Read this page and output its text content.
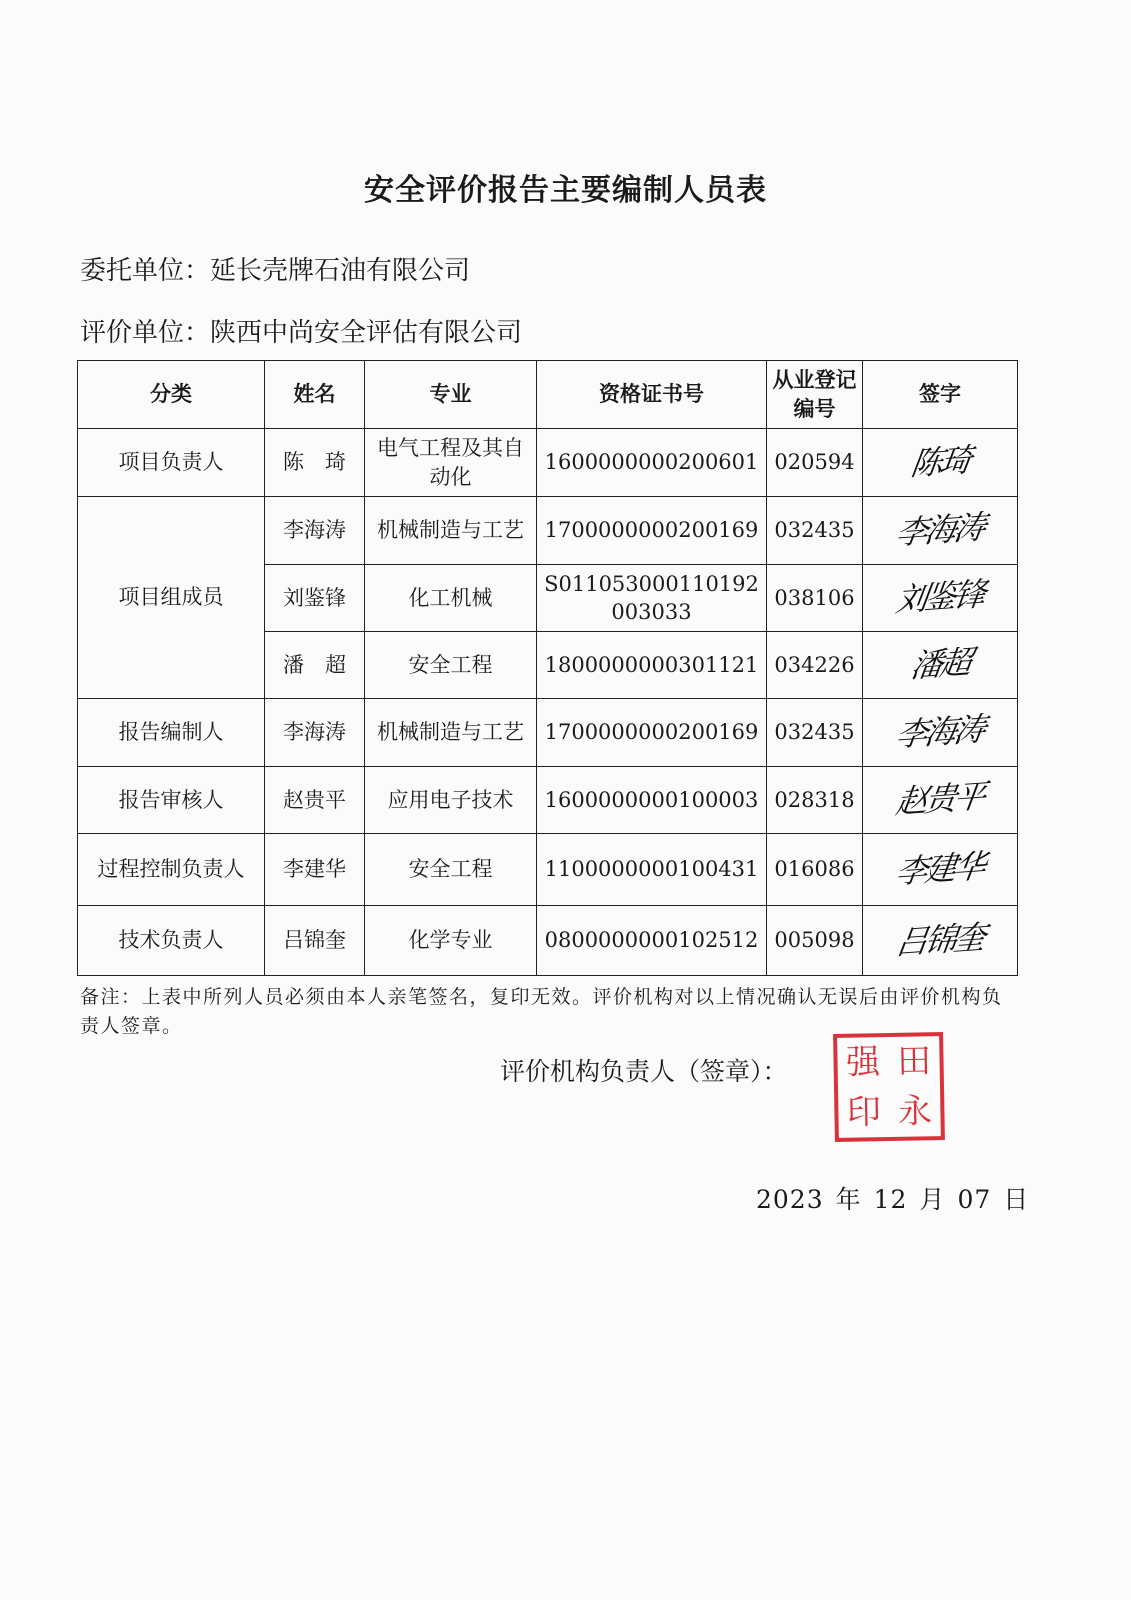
安全评价报告主要编制人员表
委托单位：延长壳牌石油有限公司
评价单位：陕西中尚安全评估有限公司
分类	姓名	专业	资格证书号	从业登记编号	签字
项目负责人	陈　琦	电气工程及其自动化	1600000000200601	020594	陈琦
项目组成员	李海涛	机械制造与工艺	1700000000200169	032435	李海涛
	刘鉴锋	化工机械	S011053000110192003033	038106	刘鉴锋
	潘　超	安全工程	1800000000301121	034226	潘超
报告编制人	李海涛	机械制造与工艺	1700000000200169	032435	李海涛
报告审核人	赵贵平	应用电子技术	1600000000100003	028318	赵贵平
过程控制负责人	李建华	安全工程	1100000000100431	016086	李建华
技术负责人	吕锦奎	化学专业	0800000000102512	005098	吕锦奎
备注：上表中所列人员必须由本人亲笔签名，复印无效。评价机构对以上情况确认无误后由评价机构负责人签章。
评价机构负责人（签章）： 强 田
印 永
2023 年 12 月 07 日
